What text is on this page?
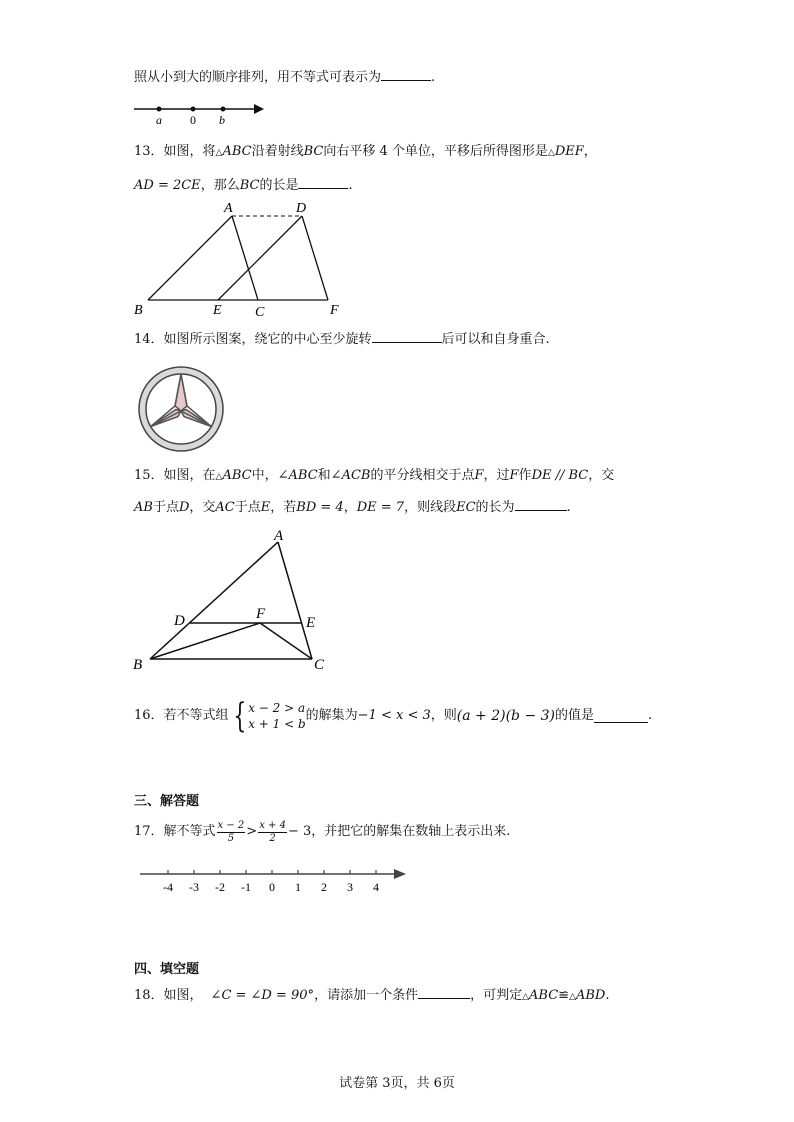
照从小到大的顺序排列，用不等式可表示为	.
a 0 b
13．如图，将△ABC沿着射线BC向右平移 4 个单位，平移后所得图形是△DEF，
AD = 2CE，那么BC的长是	.
A	D
B	E C	F
14．如图所示图案，绕它的中心至少旋转	后可以和自身重合.
15．如图，在△ABC中，∠ABC和∠ACB的平分线相交于点F，过F作DE // BC，交
AB于点D，交AC于点E，若BD = 4，DE = 7，则线段EC的长为	.
A
D	F
E
B	C
16．若不等式组 { x − 2 > a
x + 1 < b
的解集为−1 < x < 3，则(a + 2)(b − 3)的值是	.
三、解答题
17．解不等式 $\frac{x - 2}{5} > \frac{x + 4}{2} - 3$，并把它的解集在数轴上表示出来.
-4 -3 -2 -1 0 1 2 3 4
四、填空题
18．如图， ∠C = ∠D = 90°，请添加一个条件	，可判定△ABC≌△ABD.
试卷第 3页，共 6页
